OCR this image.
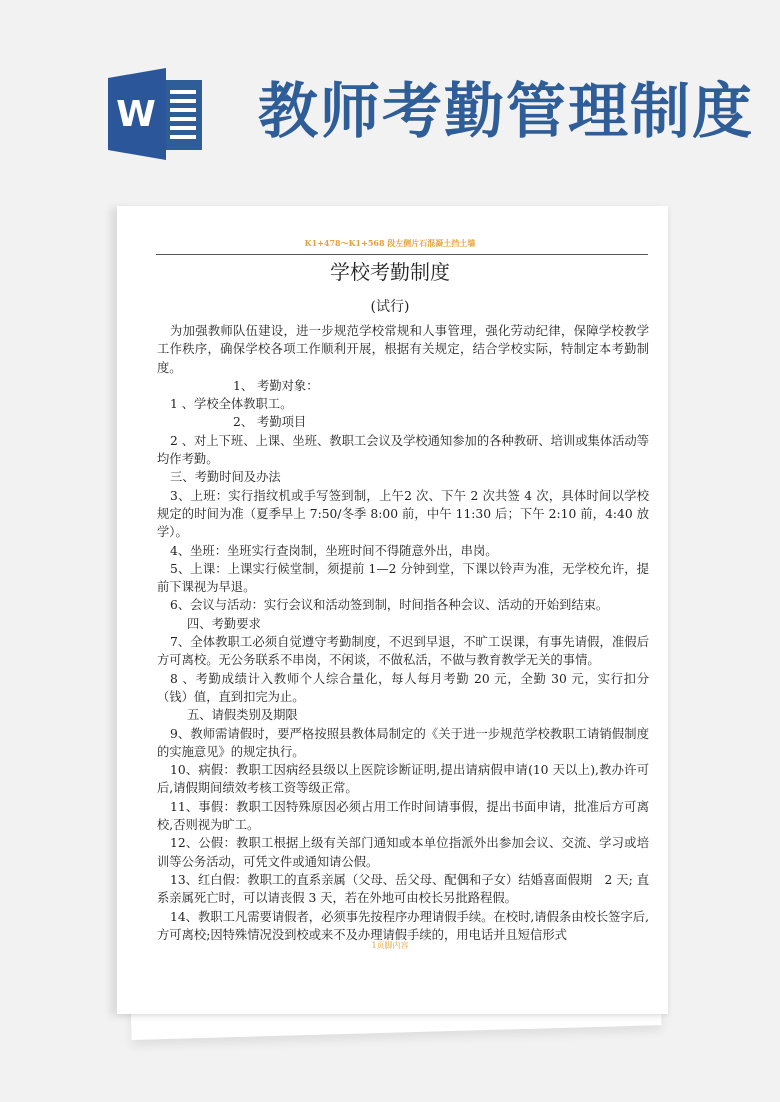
W 教师考勤管理制度
K1+478～K1+568 段左侧片石混凝土挡土墙
学校考勤制度
(试行)

为加强教师队伍建设，进一步规范学校常规和人事管理，强化劳动纪律，保障学校教学工作秩序，确保学校各项工作顺利开展，根据有关规定，结合学校实际，特制定本考勤制度。

1、 考勤对象：

1 、学校全体教职工。

2、 考勤项目

2 、对上下班、上课、坐班、教职工会议及学校通知参加的各种教研、培训或集体活动等均作考勤。

三、考勤时间及办法

3、上班：实行指纹机或手写签到制，上午2 次、下午 2 次共签 4 次，具体时间以学校规定的时间为准（夏季早上 7:50/冬季 8:00 前，中午 11:30 后；下午 2:10 前，4:40 放学）。

4、坐班：坐班实行查岗制，坐班时间不得随意外出，串岗。

5、上课：上课实行候堂制，须提前 1—2 分钟到堂，下课以铃声为准，无学校允许，提前下课视为早退。

6、会议与活动：实行会议和活动签到制，时间指各种会议、活动的开始到结束。

四、考勤要求

7、全体教职工必须自觉遵守考勤制度，不迟到早退，不旷工误课，有事先请假，准假后方可离校。无公务联系不串岗，不闲谈，不做私活，不做与教育教学无关的事情。

8 、考勤成绩计入教师个人综合量化，每人每月考勤 20 元，全勤 30 元，实行扣分（钱）值，直到扣完为止。

五、请假类别及期限

9、教师需请假时，要严格按照县教体局制定的《关于进一步规范学校教职工请销假制度的实施意见》的规定执行。

10、病假：教职工因病经县级以上医院诊断证明,提出请病假申请(10 天以上),教办许可后,请假期间绩效考核工资等级正常。

11、事假：教职工因特殊原因必须占用工作时间请事假，提出书面申请，批准后方可离校,否则视为旷工。

12、公假：教职工根据上级有关部门通知或本单位指派外出参加会议、交流、学习或培训等公务活动，可凭文件或通知请公假。

13、红白假：教职工的直系亲属（父母、岳父母、配偶和子女）结婚喜面假期　2 天; 直系亲属死亡时，可以请丧假 3 天，若在外地可由校长另批路程假。

14、教职工凡需要请假者，必须事先按程序办理请假手续。在校时,请假条由校长签字后,方可离校;因特殊情况没到校或来不及办理请假手续的，用电话并且短信形式

1页脚内容
